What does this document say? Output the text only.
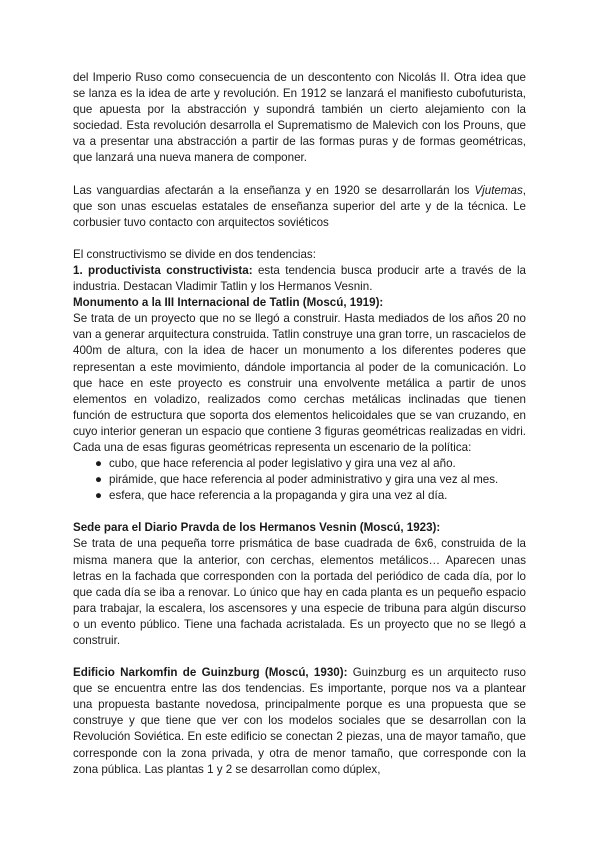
del Imperio Ruso como consecuencia de un descontento con Nicolás II. Otra idea que se lanza es la idea de arte y revolución. En 1912 se lanzará el manifiesto cubofuturista, que apuesta por la abstracción y supondrá también un cierto alejamiento con la sociedad. Esta revolución desarrolla el Suprematismo de Malevich con los Prouns, que va a presentar una abstracción a partir de las formas puras y de formas geométricas, que lanzará una nueva manera de componer.

Las vanguardias afectarán a la enseñanza y en 1920 se desarrollarán los Vjutemas, que son unas escuelas estatales de enseñanza superior del arte y de la técnica. Le corbusier tuvo contacto con arquitectos soviéticos

El constructivismo se divide en dos tendencias:

1. productivista constructivista: esta tendencia busca producir arte a través de la industria. Destacan Vladimir Tatlin y los Hermanos Vesnin.

Monumento a la III Internacional de Tatlin (Moscú, 1919):

Se trata de un proyecto que no se llegó a construir. Hasta mediados de los años 20 no van a generar arquitectura construida. Tatlin construye una gran torre, un rascacielos de 400m de altura, con la idea de hacer un monumento a los diferentes poderes que representan a este movimiento, dándole importancia al poder de la comunicación. Lo que hace en este proyecto es construir una envolvente metálica a partir de unos elementos en voladizo, realizados como cerchas metálicas inclinadas que tienen función de estructura que soporta dos elementos helicoidales que se van cruzando, en cuyo interior generan un espacio que contiene 3 figuras geométricas realizadas en vidri. Cada una de esas figuras geométricas representa un escenario de la política:

● cubo, que hace referencia al poder legislativo y gira una vez al año.
● pirámide, que hace referencia al poder administrativo y gira una vez al mes.
● esfera, que hace referencia a la propaganda y gira una vez al día.

Sede para el Diario Pravda de los Hermanos Vesnin (Moscú, 1923):

Se trata de una pequeña torre prismática de base cuadrada de 6x6, construida de la misma manera que la anterior, con cerchas, elementos metálicos… Aparecen unas letras en la fachada que corresponden con la portada del periódico de cada día, por lo que cada día se iba a renovar. Lo único que hay en cada planta es un pequeño espacio para trabajar, la escalera, los ascensores y una especie de tribuna para algún discurso o un evento público. Tiene una fachada acristalada. Es un proyecto que no se llegó a construir.

Edificio Narkomfin de Guinzburg (Moscú, 1930): Guinzburg es un arquitecto ruso que se encuentra entre las dos tendencias. Es importante, porque nos va a plantear una propuesta bastante novedosa, principalmente porque es una propuesta que se construye y que tiene que ver con los modelos sociales que se desarrollan con la Revolución Soviética. En este edificio se conectan 2 piezas, una de mayor tamaño, que corresponde con la zona privada, y otra de menor tamaño, que corresponde con la zona pública. Las plantas 1 y 2 se desarrollan como dúplex,
